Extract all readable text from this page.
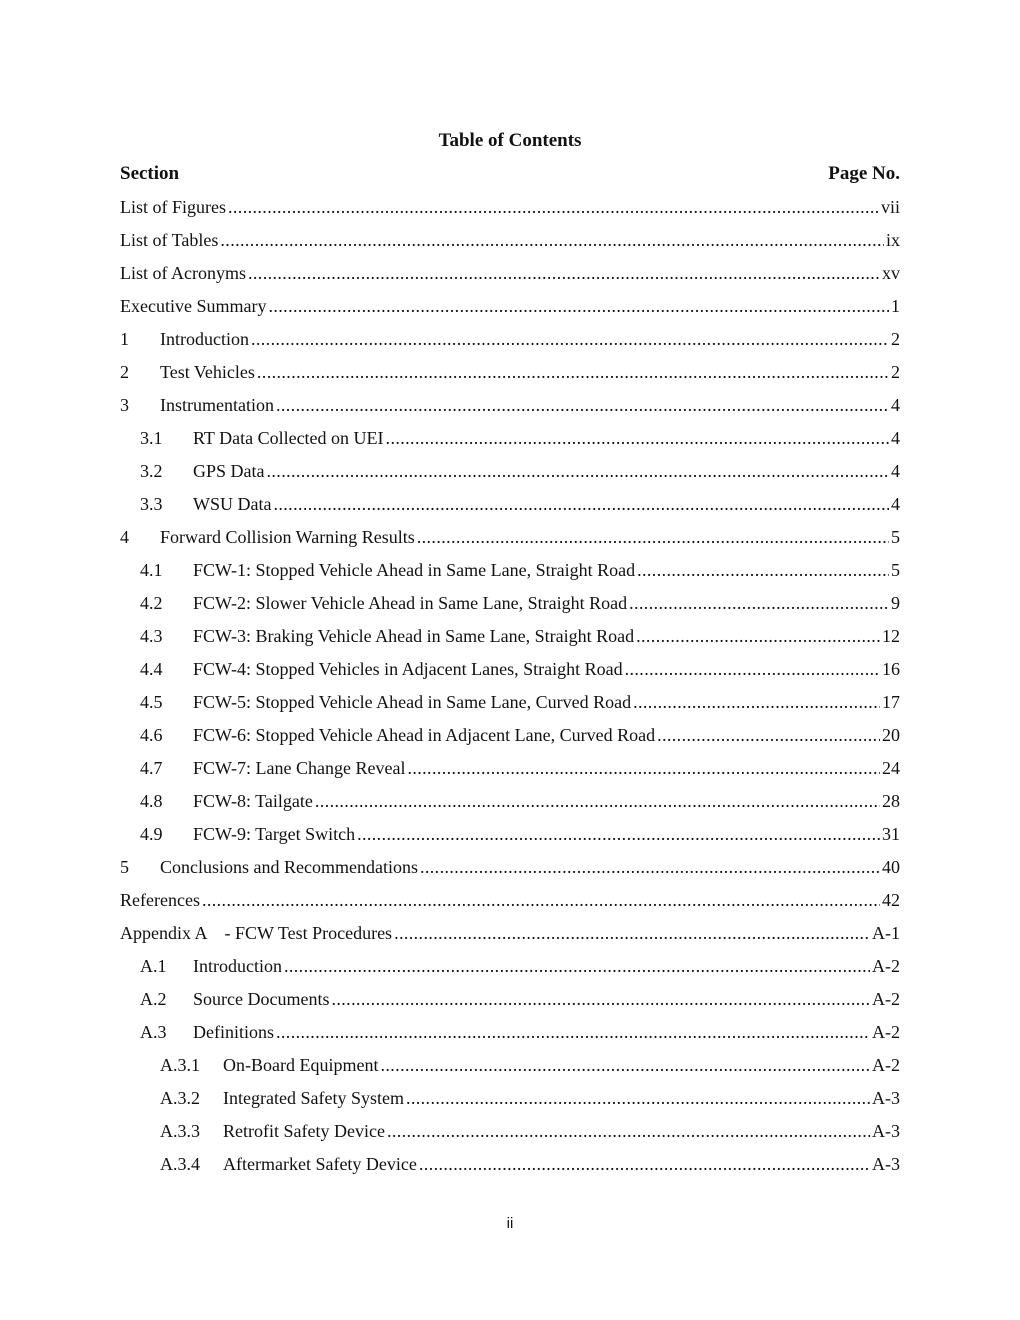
Table of Contents
Section	Page No.
List of Figures .....	vii
List of Tables .....	ix
List of Acronyms .....	xv
Executive Summary .....	1
1	Introduction .....	2
2	Test Vehicles .....	2
3	Instrumentation .....	4
3.1	RT Data Collected on UEI .....	4
3.2	GPS Data .....	4
3.3	WSU Data .....	4
4	Forward Collision Warning Results .....	5
4.1	FCW-1: Stopped Vehicle Ahead in Same Lane, Straight Road .....	5
4.2	FCW-2: Slower Vehicle Ahead in Same Lane, Straight Road .....	9
4.3	FCW-3: Braking Vehicle Ahead in Same Lane, Straight Road .....	12
4.4	FCW-4: Stopped Vehicles in Adjacent Lanes, Straight Road .....	16
4.5	FCW-5: Stopped Vehicle Ahead in Same Lane, Curved Road .....	17
4.6	FCW-6: Stopped Vehicle Ahead in Adjacent Lane, Curved Road .....	20
4.7	FCW-7: Lane Change Reveal .....	24
4.8	FCW-8: Tailgate .....	28
4.9	FCW-9: Target Switch .....	31
5	Conclusions and Recommendations .....	40
References .....	42
Appendix A    - FCW Test Procedures .....	A-1
A.1	Introduction .....	A-2
A.2	Source Documents .....	A-2
A.3	Definitions .....	A-2
A.3.1	On-Board Equipment .....	A-2
A.3.2	Integrated Safety System .....	A-3
A.3.3	Retrofit Safety Device .....	A-3
A.3.4	Aftermarket Safety Device .....	A-3
ii
